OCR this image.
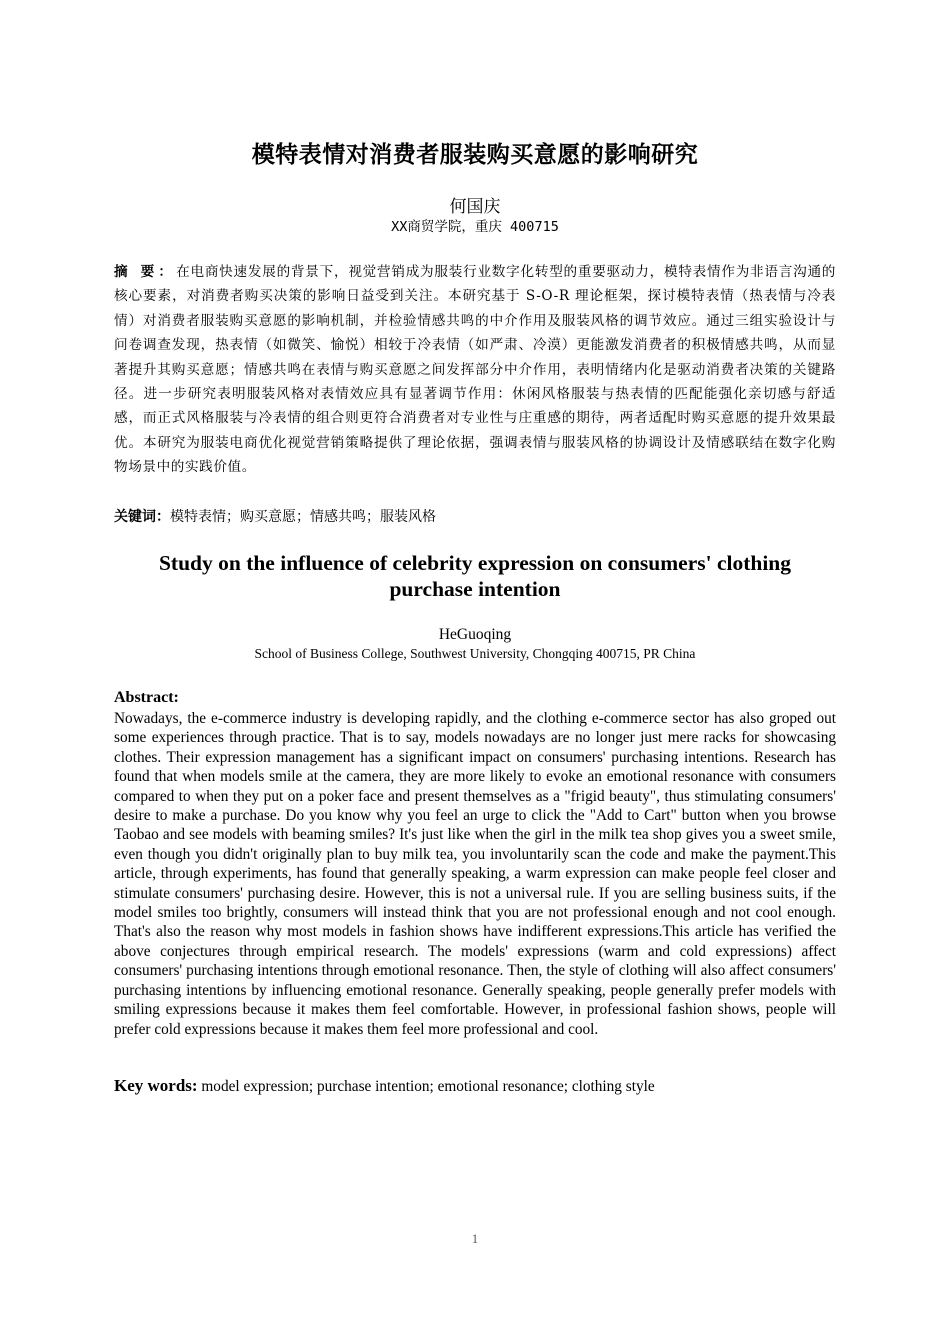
模特表情对消费者服装购买意愿的影响研究
何国庆
XX商贸学院，重庆 400715
摘 要：在电商快速发展的背景下，视觉营销成为服装行业数字化转型的重要驱动力，模特表情作为非语言沟通的核心要素，对消费者购买决策的影响日益受到关注。本研究基于 S-O-R 理论框架，探讨模特表情（热表情与冷表情）对消费者服装购买意愿的影响机制，并检验情感共鸣的中介作用及服装风格的调节效应。通过三组实验设计与问卷调查发现，热表情（如微笑、愉悦）相较于冷表情（如严肃、冷漠）更能激发消费者的积极情感共鸣，从而显著提升其购买意愿；情感共鸣在表情与购买意愿之间发挥部分中介作用，表明情绪内化是驱动消费者决策的关键路径。进一步研究表明服装风格对表情效应具有显著调节作用：休闲风格服装与热表情的匹配能强化亲切感与舒适感，而正式风格服装与冷表情的组合则更符合消费者对专业性与庄重感的期待，两者适配时购买意愿的提升效果最优。本研究为服装电商优化视觉营销策略提供了理论依据，强调表情与服装风格的协调设计及情感联结在数字化购物场景中的实践价值。
关键词：模特表情；购买意愿；情感共鸣；服装风格
Study on the influence of celebrity expression on consumers' clothing purchase intention
HeGuoqing
School of Business College, Southwest University, Chongqing 400715, PR China
Abstract:
Nowadays, the e-commerce industry is developing rapidly, and the clothing e-commerce sector has also groped out some experiences through practice. That is to say, models nowadays are no longer just mere racks for showcasing clothes. Their expression management has a significant impact on consumers' purchasing intentions. Research has found that when models smile at the camera, they are more likely to evoke an emotional resonance with consumers compared to when they put on a poker face and present themselves as a "frigid beauty", thus stimulating consumers' desire to make a purchase. Do you know why you feel an urge to click the "Add to Cart" button when you browse Taobao and see models with beaming smiles? It's just like when the girl in the milk tea shop gives you a sweet smile, even though you didn't originally plan to buy milk tea, you involuntarily scan the code and make the payment.This article, through experiments, has found that generally speaking, a warm expression can make people feel closer and stimulate consumers' purchasing desire. However, this is not a universal rule. If you are selling business suits, if the model smiles too brightly, consumers will instead think that you are not professional enough and not cool enough. That's also the reason why most models in fashion shows have indifferent expressions.This article has verified the above conjectures through empirical research. The models' expressions (warm and cold expressions) affect consumers' purchasing intentions through emotional resonance. Then, the style of clothing will also affect consumers' purchasing intentions by influencing emotional resonance. Generally speaking, people generally prefer models with smiling expressions because it makes them feel comfortable. However, in professional fashion shows, people will prefer cold expressions because it makes them feel more professional and cool.
Key words: model expression; purchase intention; emotional resonance; clothing style
1
